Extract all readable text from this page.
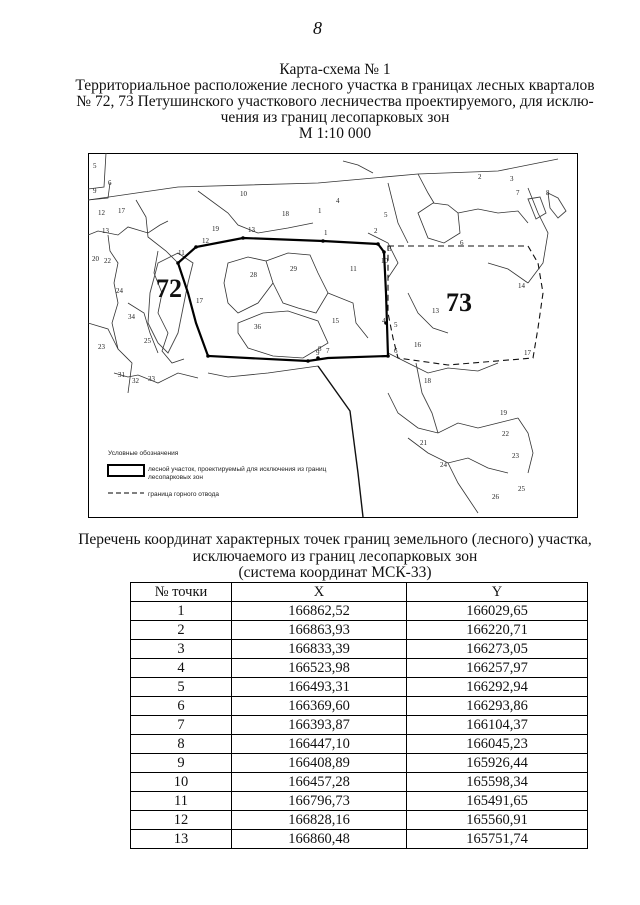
8
Карта-схема № 1
Территориальное расположение лесного участка в границах лесных кварталов
№ 72, 73 Петушинского участкового лесничества проектируемого, для исклю-
чения из границ лесопарковых зон
М 1:10 000
72	73
1	2
3
4 5
6
7
8
9
10
11
12
13
5
6
9	10
12 17	18
19
13
1
2	3
4
5
6
7	8
20 22
24
28
29	11
14
17
34
36
15
13
25
23
31
32 33
16
18
17
19
22
21
23
24
25
26
Условные обозначения
лесной участок, проектируемый для исключения из границ
лесопарковых зон
граница горного отвода
Перечень координат характерных точек границ земельного (лесного) участка,
исключаемого из границ лесопарковых зон
(система координат МСК-33)
№ точки	X	Y
1	166862,52	166029,65
2	166863,93	166220,71
3	166833,39	166273,05
4	166523,98	166257,97
5	166493,31	166292,94
6	166369,60	166293,86
7	166393,87	166104,37
8	166447,10	166045,23
9	166408,89	165926,44
10	166457,28	165598,34
11	166796,73	165491,65
12	166828,16	165560,91
13	166860,48	165751,74
